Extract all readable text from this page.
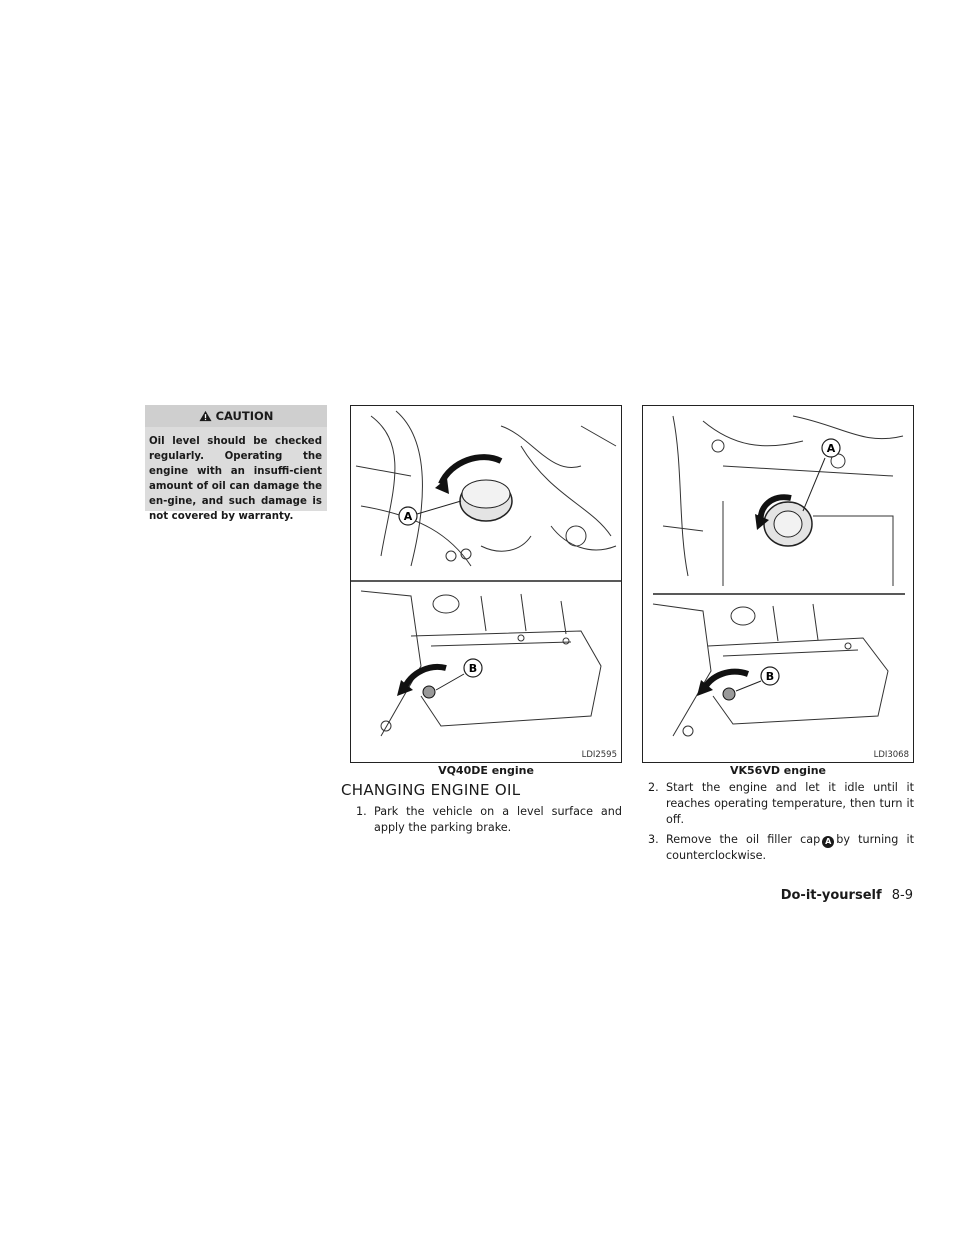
CAUTION
Oil level should be checked regularly. Operating the engine with an insuffi-cient amount of oil can damage the en-gine, and such damage is not covered by warranty.	A
B
LDI2595
VQ40DE engine
A
B
LDI3068
VK56VD engine
CHANGING ENGINE OIL
1. Park the vehicle on a level surface and apply the parking brake.
2. Start the engine and let it idle until it reaches operating temperature, then turn it off.
3. Remove the oil filler cap A by turning it counterclockwise.
Do-it-yourself 8-9
